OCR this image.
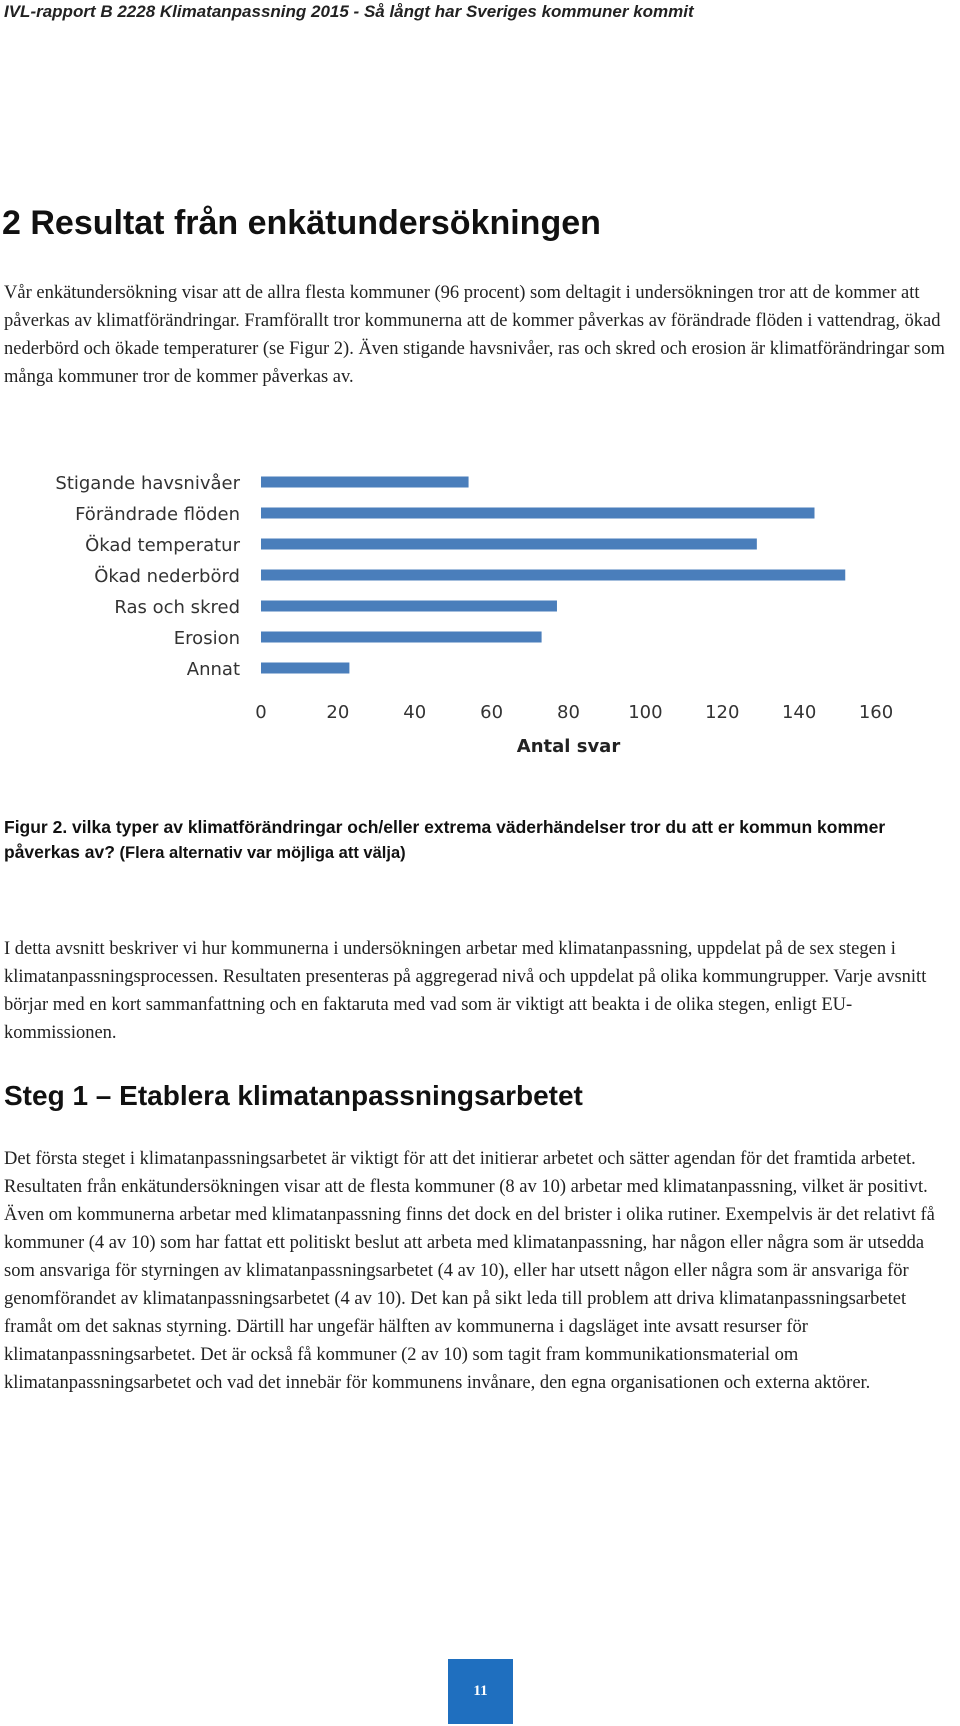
IVL-rapport B 2228 Klimatanpassning 2015 - Så långt har Sveriges kommuner kommit
2 Resultat från enkätundersökningen

Vår enkätundersökning visar att de allra flesta kommuner (96 procent) som deltagit i undersökningen tror att de kommer att påverkas av klimatförändringar. Framförallt tror kommunerna att de kommer påverkas av förändrade flöden i vattendrag, ökad nederbörd och ökade temperaturer (se Figur 2). Även stigande havsnivåer, ras och skred och erosion är klimatförändringar som många kommuner tror de kommer påverkas av.

Stigande havsnivåer
Förändrade flöden
Ökad temperatur
Ökad nederbörd
Ras och skred
Erosion
Annat
0	20	40	60	80	100 120 140 160
Antal svar

Figur 2. vilka typer av klimatförändringar och/eller extrema väderhändelser tror du att er kommun kommer påverkas av? (Flera alternativ var möjliga att välja)

I detta avsnitt beskriver vi hur kommunerna i undersökningen arbetar med klimatanpassning, uppdelat på de sex stegen i klimatanpassningsprocessen. Resultaten presenteras på aggregerad nivå och uppdelat på olika kommungrupper. Varje avsnitt börjar med en kort sammanfattning och en faktaruta med vad som är viktigt att beakta i de olika stegen, enligt EU-kommissionen.

Steg 1 – Etablera klimatanpassningsarbetet

Det första steget i klimatanpassningsarbetet är viktigt för att det initierar arbetet och sätter agendan för det framtida arbetet. Resultaten från enkätundersökningen visar att de flesta kommuner (8 av 10) arbetar med klimatanpassning, vilket är positivt. Även om kommunerna arbetar med klimatanpassning finns det dock en del brister i olika rutiner. Exempelvis är det relativt få kommuner (4 av 10) som har fattat ett politiskt beslut att arbeta med klimatanpassning, har någon eller några som är utsedda som ansvariga för styrningen av klimatanpassningsarbetet (4 av 10), eller har utsett någon eller några som är ansvariga för genomförandet av klimatanpassningsarbetet (4 av 10). Det kan på sikt leda till problem att driva klimatanpassningsarbetet framåt om det saknas styrning. Därtill har ungefär hälften av kommunerna i dagsläget inte avsatt resurser för klimatanpassningsarbetet. Det är också få kommuner (2 av 10) som tagit fram kommunikationsmaterial om klimatanpassningsarbetet och vad det innebär för kommunens invånare, den egna organisationen och externa aktörer.

11
